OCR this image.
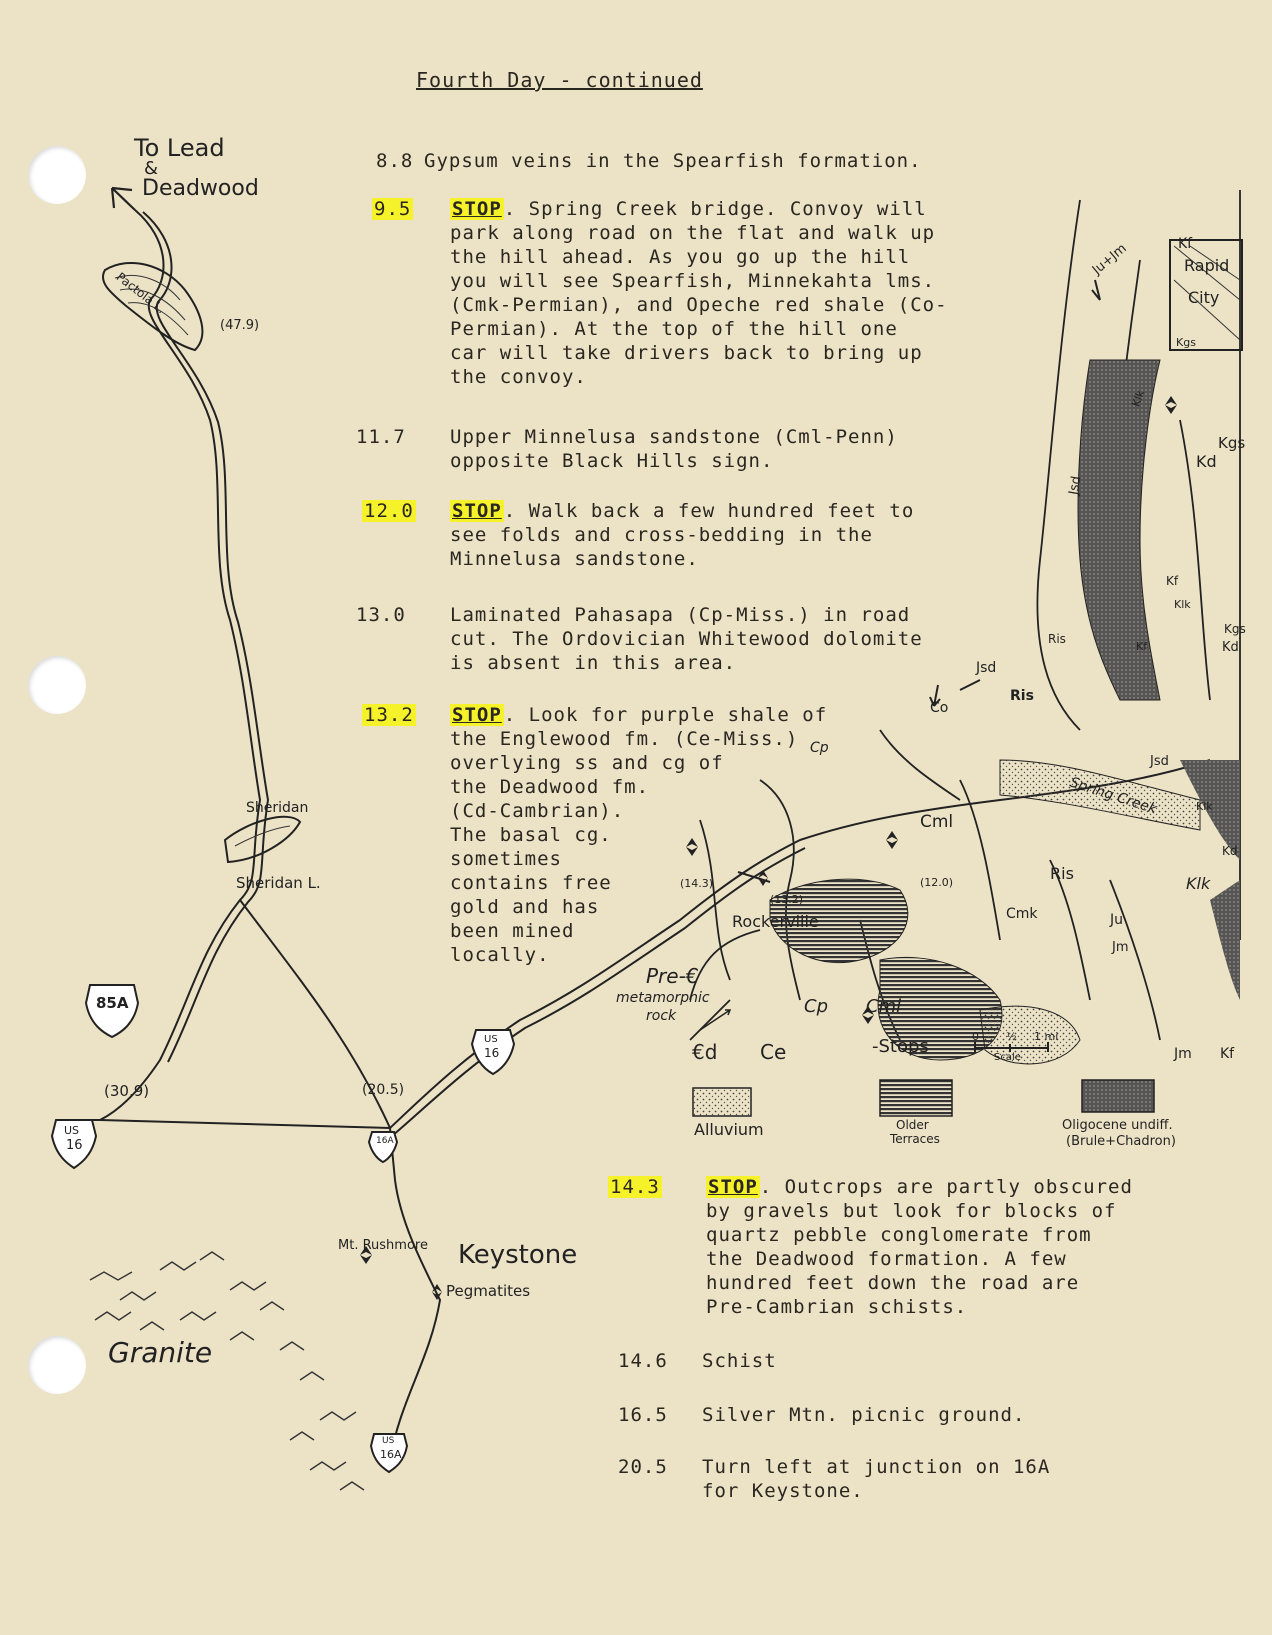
Fourth Day - continued
8.8 Gypsum veins in the Spearfish formation.
9.5 STOP . Spring Creek bridge. Convoy will
park along road on the flat and walk up
the hill ahead. As you go up the hill
you will see Spearfish, Minnekahta lms.
(Cmk-Permian), and Opeche red shale (Co-
Permian). At the top of the hill one
car will take drivers back to bring up
the convoy.
11.7 Upper Minnelusa sandstone (Cml-Penn)
opposite Black Hills sign.
12.0 STOP . Walk back a few hundred feet to
see folds and cross-bedding in the
Minnelusa sandstone.
13.0 Laminated Pahasapa (Cp-Miss.) in road
cut. The Ordovician Whitewood dolomite
is absent in this area.
13.2 STOP . Look for purple shale of
the Englewood fm. (Ce-Miss.)
overlying ss and cg of
the Deadwood fm.
(Cd-Cambrian).
The basal cg.
sometimes
contains free
gold and has
been mined
locally.
14.3	STOP . Outcrops are partly obscured
by gravels but look for blocks of
quartz pebble conglomerate from
the Deadwood formation. A few
hundred feet down the road are
Pre-Cambrian schists.
14.6 Schist
16.5 Silver Mtn. picnic ground.
20.5 Turn left at junction on 16A
for Keystone.
To Lead
&
Deadwood
Pactola L.
(47.9)
Sheridan
Sheridan L.
85A
(30.9)
US
16
(20.5)
16A
US
16
Mt. Rushmore Keystone
Pegmatites
Granite
US
16A
Rockerville
(14.3)
(13.2)
(12.0)
Pre-€
metamorphic
rock
Rapid
City
Spring Creek
€d Ce
Cp Cml
Cmk
Cml
Cp
Ris
Ris
Ris
Jsd
Jsd
Jsd
Ju
Jm
Jm Kf
Kf
Kf
Klk
Klk
Klk
Klk
Kd
Kd
Kd
Kgs
Kgs
Kgs
Co
Ju+Jm
Kf
-Stops	0 ½ 1 mi
Scale
Alluvium	Older
Terraces
Oligocene undiff.
(Brule+Chadron)
